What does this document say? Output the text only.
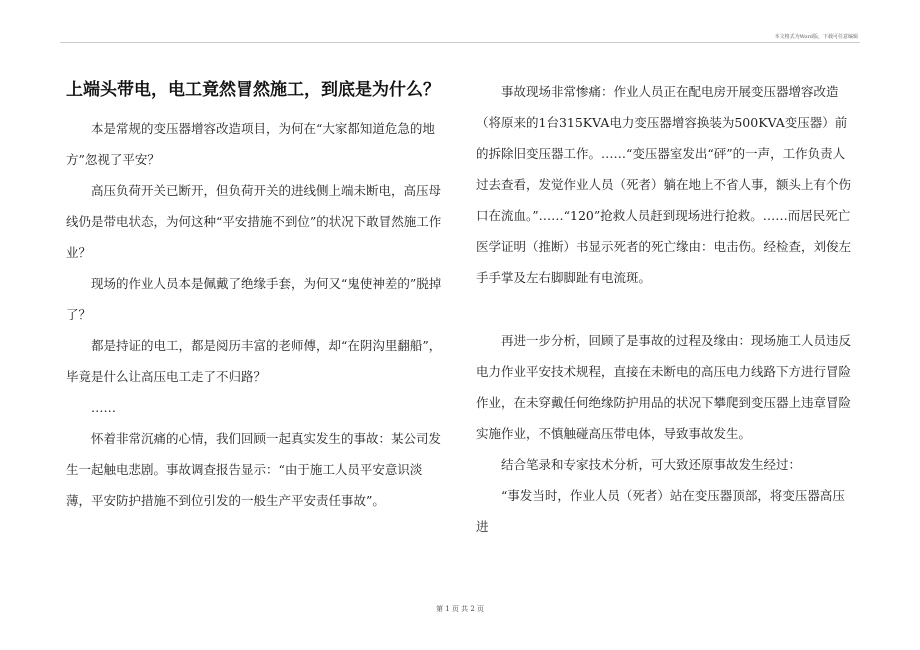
本文格式为Word版，下载可任意编辑
上端头带电，电工竟然冒然施工，到底是为什么？

本是常规的变压器增容改造项目，为何在“大家都知道危急的地方”忽视了平安？

高压负荷开关已断开，但负荷开关的进线侧上端未断电，高压母线仍是带电状态，为何这种“平安措施不到位”的状况下敢冒然施工作业？

现场的作业人员本是佩戴了绝缘手套，为何又“鬼使神差的”脱掉了？

都是持证的电工，都是阅历丰富的老师傅，却“在阴沟里翻船”，毕竟是什么让高压电工走了不归路？

……

怀着非常沉痛的心情，我们回顾一起真实发生的事故：某公司发生一起触电悲剧。事故调查报告显示：“由于施工人员平安意识淡薄，平安防护措施不到位引发的一般生产平安责任事故”。

事故现场非常惨痛：作业人员正在配电房开展变压器增容改造（将原来的1台315KVA电力变压器增容换装为500KVA变压器）前的拆除旧变压器工作。……“变压器室发出“砰”的一声，工作负责人过去查看，发觉作业人员（死者）躺在地上不省人事，额头上有个伤口在流血。”……“120”抢救人员赶到现场进行抢救。……而居民死亡医学证明（推断）书显示死者的死亡缘由：电击伤。经检查，刘俊左手手掌及左右脚脚趾有电流斑。

再进一步分析，回顾了是事故的过程及缘由：现场施工人员违反电力作业平安技术规程，直接在未断电的高压电力线路下方进行冒险作业，在未穿戴任何绝缘防护用品的状况下攀爬到变压器上违章冒险实施作业，不慎触碰高压带电体，导致事故发生。

结合笔录和专家技术分析，可大致还原事故发生经过：

“事发当时，作业人员（死者）站在变压器顶部，将变压器高压进

第 1 页 共 2 页
